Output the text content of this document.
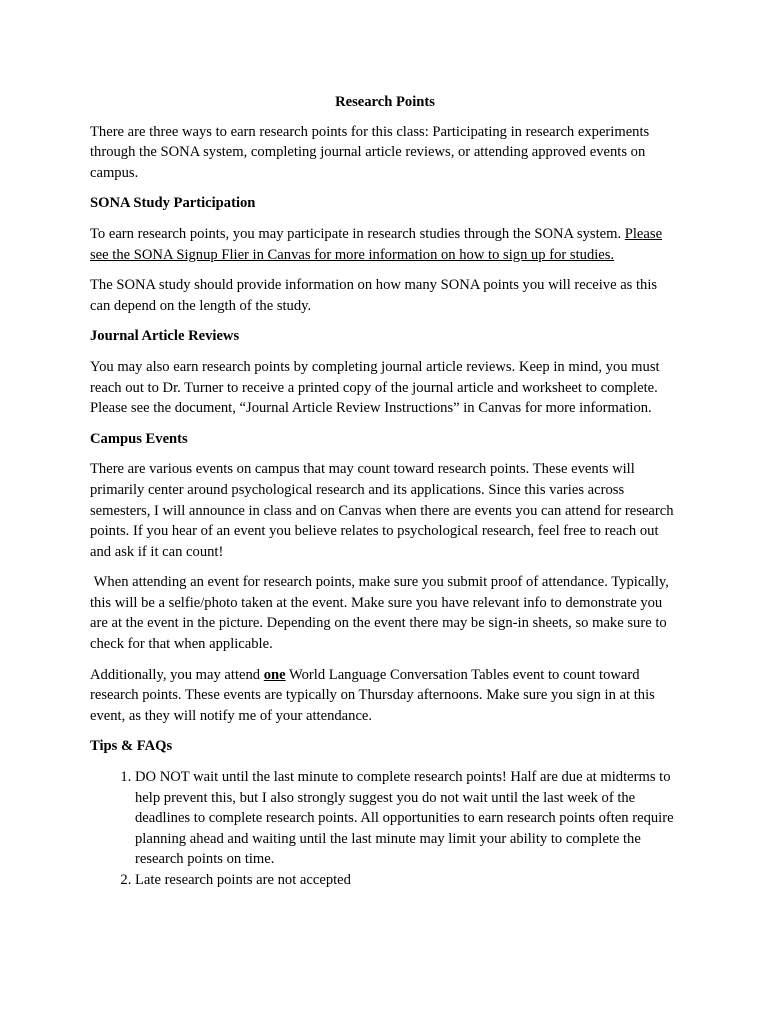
Research Points

There are three ways to earn research points for this class: Participating in research experiments through the SONA system, completing journal article reviews, or attending approved events on campus.

SONA Study Participation

To earn research points, you may participate in research studies through the SONA system. Please see the SONA Signup Flier in Canvas for more information on how to sign up for studies.

The SONA study should provide information on how many SONA points you will receive as this can depend on the length of the study.

Journal Article Reviews

You may also earn research points by completing journal article reviews. Keep in mind, you must reach out to Dr. Turner to receive a printed copy of the journal article and worksheet to complete. Please see the document, “Journal Article Review Instructions” in Canvas for more information.

Campus Events

There are various events on campus that may count toward research points. These events will primarily center around psychological research and its applications. Since this varies across semesters, I will announce in class and on Canvas when there are events you can attend for research points. If you hear of an event you believe relates to psychological research, feel free to reach out and ask if it can count!

When attending an event for research points, make sure you submit proof of attendance. Typically, this will be a selfie/photo taken at the event. Make sure you have relevant info to demonstrate you are at the event in the picture. Depending on the event there may be sign-in sheets, so make sure to check for that when applicable.

Additionally, you may attend one World Language Conversation Tables event to count toward research points. These events are typically on Thursday afternoons. Make sure you sign in at this event, as they will notify me of your attendance.

Tips & FAQs
1. DO NOT wait until the last minute to complete research points! Half are due at midterms to help prevent this, but I also strongly suggest you do not wait until the last week of the deadlines to complete research points. All opportunities to earn research points often require planning ahead and waiting until the last minute may limit your ability to complete the research points on time.
2. Late research points are not accepted
